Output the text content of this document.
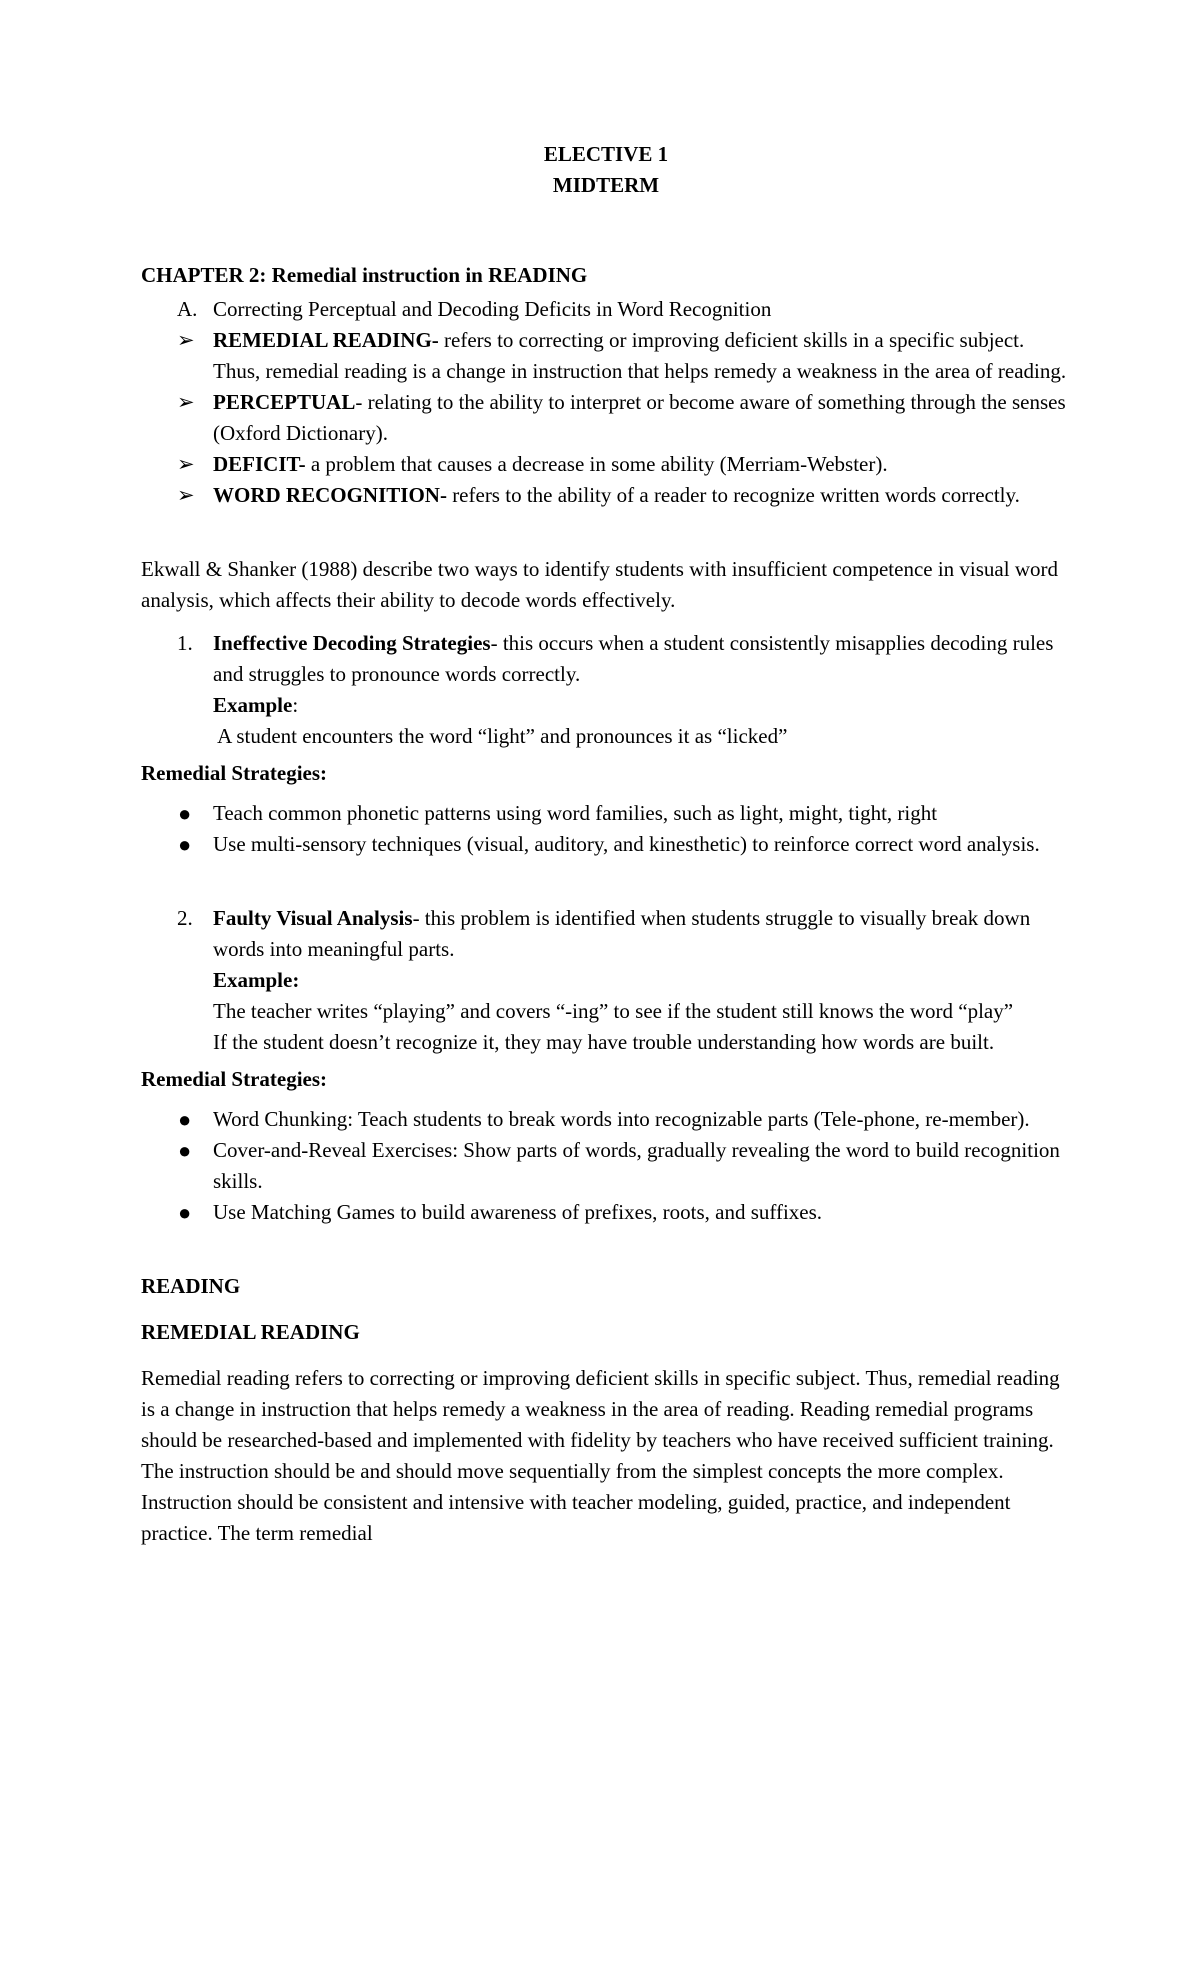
ELECTIVE 1

MIDTERM

CHAPTER 2: Remedial instruction in READING

A. Correcting Perceptual and Decoding Deficits in Word Recognition

➢ REMEDIAL READING- refers to correcting or improving deficient skills in a specific subject. Thus, remedial reading is a change in instruction that helps remedy a weakness in the area of reading.

➢ PERCEPTUAL- relating to the ability to interpret or become aware of something through the senses (Oxford Dictionary).

➢ DEFICIT- a problem that causes a decrease in some ability (Merriam-Webster).

➢ WORD RECOGNITION- refers to the ability of a reader to recognize written words correctly.

Ekwall & Shanker (1988) describe two ways to identify students with insufficient competence in visual word analysis, which affects their ability to decode words effectively.

1. Ineffective Decoding Strategies- this occurs when a student consistently misapplies decoding rules and struggles to pronounce words correctly.

Example:

A student encounters the word “light” and pronounces it as “licked”

Remedial Strategies:

● Teach common phonetic patterns using word families, such as light, might, tight, right

● Use multi-sensory techniques (visual, auditory, and kinesthetic) to reinforce correct word analysis.

2. Faulty Visual Analysis- this problem is identified when students struggle to visually break down words into meaningful parts.

Example:

The teacher writes “playing” and covers “-ing” to see if the student still knows the word “play”

If the student doesn’t recognize it, they may have trouble understanding how words are built.

Remedial Strategies:

● Word Chunking: Teach students to break words into recognizable parts (Tele-phone, re-member).

● Cover-and-Reveal Exercises: Show parts of words, gradually revealing the word to build recognition skills.

● Use Matching Games to build awareness of prefixes, roots, and suffixes.

READING

REMEDIAL READING

Remedial reading refers to correcting or improving deficient skills in specific subject. Thus, remedial reading is a change in instruction that helps remedy a weakness in the area of reading. Reading remedial programs should be researched-based and implemented with fidelity by teachers who have received sufficient training. The instruction should be and should move sequentially from the simplest concepts the more complex. Instruction should be consistent and intensive with teacher modeling, guided, practice, and independent practice. The term remedial
